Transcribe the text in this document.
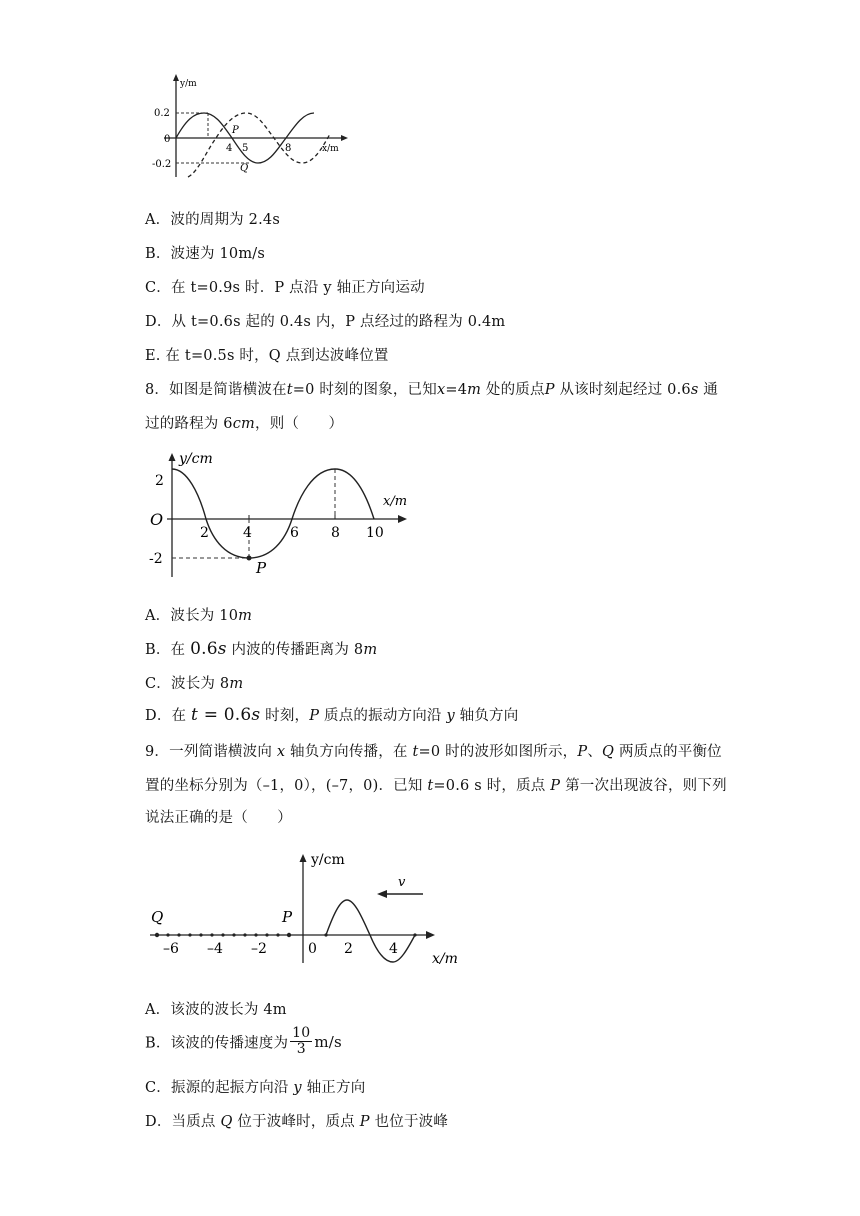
y/m
x/m
0.2
0
-0.2
4 5	8
P
Q
A．波的周期为 2.4s
B．波速为 10m/s
C．在 t=0.9s 时．P 点沿 y 轴正方向运动
D．从 t=0.6s 起的 0.4s 内，P 点经过的路程为 0.4m
E. 在 t=0.5s 时，Q 点到达波峰位置
8．如图是简谐横波在t=0 时刻的图象，已知x=4m 处的质点P 从该时刻起经过 0.6s 通
过的路程为 6cm，则（　　）
y/cm
x/m
O
2
-2
2 4	6 8 10
P
A．波长为 10m
B．在 0.6s 内波的传播距离为 8m
C．波长为 8m
D．在 t = 0.6s 时刻，P 质点的振动方向沿 y 轴负方向
9．一列简谐横波向 x 轴负方向传播，在 t=0 时的波形如图所示，P、Q 两质点的平衡位
置的坐标分别为（–1，0），(–7，0)．已知 t=0.6 s 时，质点 P 第一次出现波谷，则下列
说法正确的是（　　）
y/cm
x/m
v
Q	P
–6 –4 –2	0 2	4
A．该波的波长为 4m
B．该波的传播速度为 $\frac{10}{3} m/s$
C．振源的起振方向沿 y 轴正方向
D．当质点 Q 位于波峰时，质点 P 也位于波峰
